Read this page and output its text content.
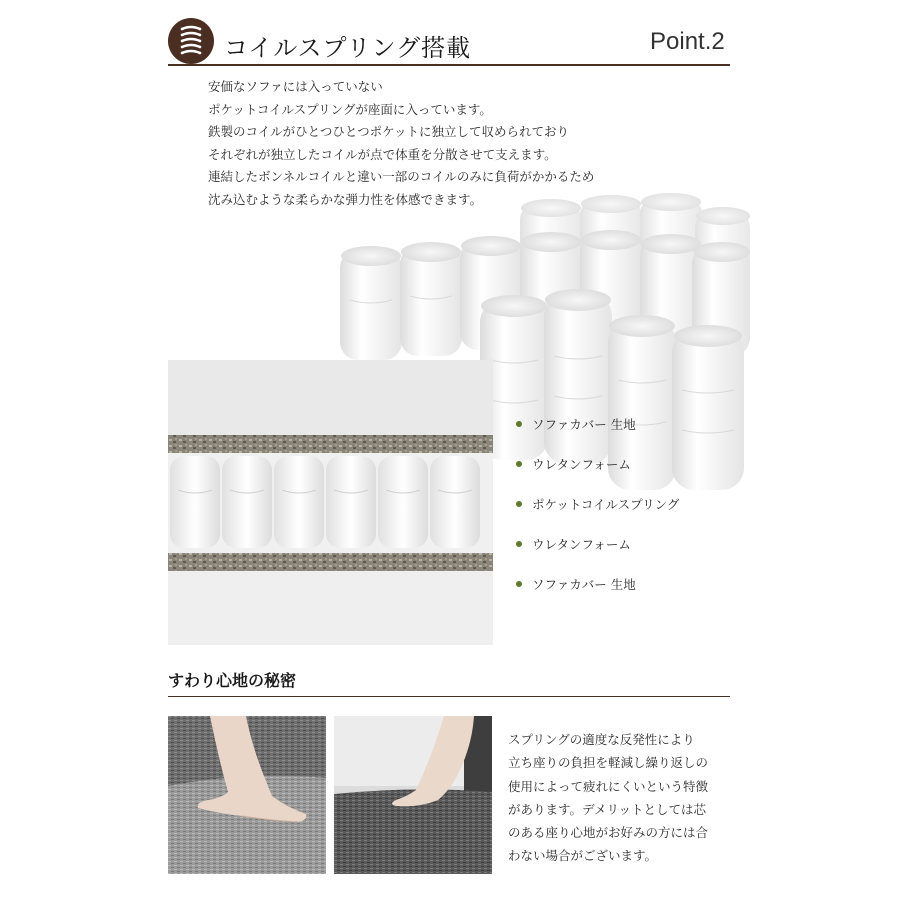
コイルスプリング搭載	Point.2
安価なソファには入っていない
ポケットコイルスプリングが座面に入っています。
鉄製のコイルがひとつひとつポケットに独立して収められており
それぞれが独立したコイルが点で体重を分散させて支えます。
連結したボンネルコイルと違い一部のコイルのみに負荷がかかるため
沈み込むような柔らかな弾力性を体感できます。
ソファカバー 生地
ウレタンフォーム
ポケットコイルスプリング
ウレタンフォーム
ソファカバー 生地
すわり心地の秘密
スプリングの適度な反発性により
立ち座りの負担を軽減し繰り返しの
使用によって疲れにくいという特徴
があります。デメリットとしては芯
のある座り心地がお好みの方には合
わない場合がございます。
